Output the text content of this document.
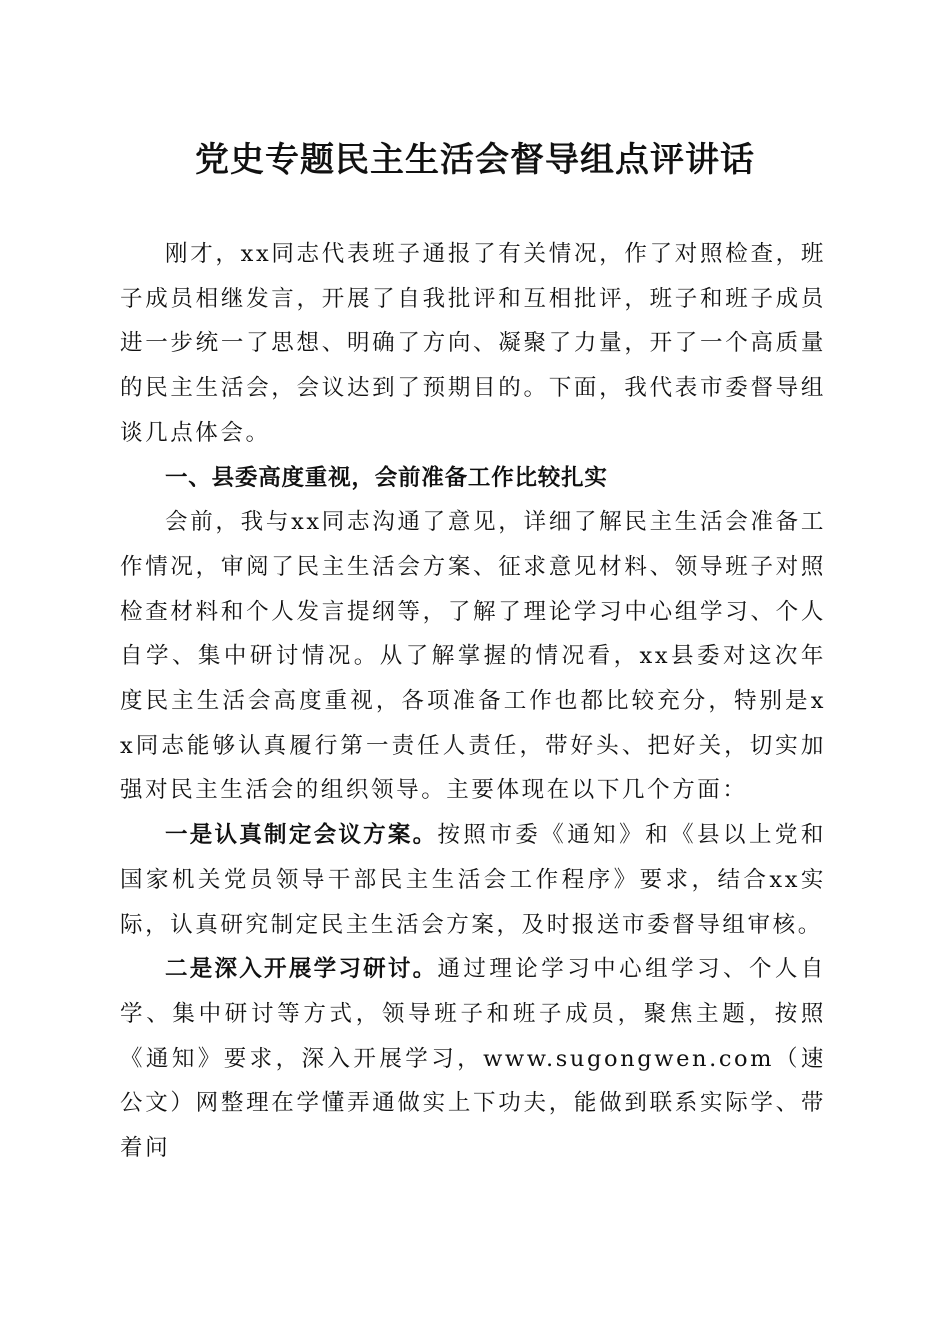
党史专题民主生活会督导组点评讲话

刚才，xx同志代表班子通报了有关情况，作了对照检查，班子成员相继发言，开展了自我批评和互相批评，班子和班子成员进一步统一了思想、明确了方向、凝聚了力量，开了一个高质量的民主生活会，会议达到了预期目的。下面，我代表市委督导组谈几点体会。

一、县委高度重视，会前准备工作比较扎实

会前，我与xx同志沟通了意见，详细了解民主生活会准备工作情况，审阅了民主生活会方案、征求意见材料、领导班子对照检查材料和个人发言提纲等，了解了理论学习中心组学习、个人自学、集中研讨情况。从了解掌握的情况看，xx县委对这次年度民主生活会高度重视，各项准备工作也都比较充分，特别是xx同志能够认真履行第一责任人责任，带好头、把好关，切实加强对民主生活会的组织领导。主要体现在以下几个方面：

一是认真制定会议方案。按照市委《通知》和《县以上党和国家机关党员领导干部民主生活会工作程序》要求，结合xx实际，认真研究制定民主生活会方案，及时报送市委督导组审核。

二是深入开展学习研讨。通过理论学习中心组学习、个人自学、集中研讨等方式，领导班子和班子成员，聚焦主题，按照《通知》要求，深入开展学习，www.sugongwen.com（速公文）网整理在学懂弄通做实上下功夫，能做到联系实际学、带着问
